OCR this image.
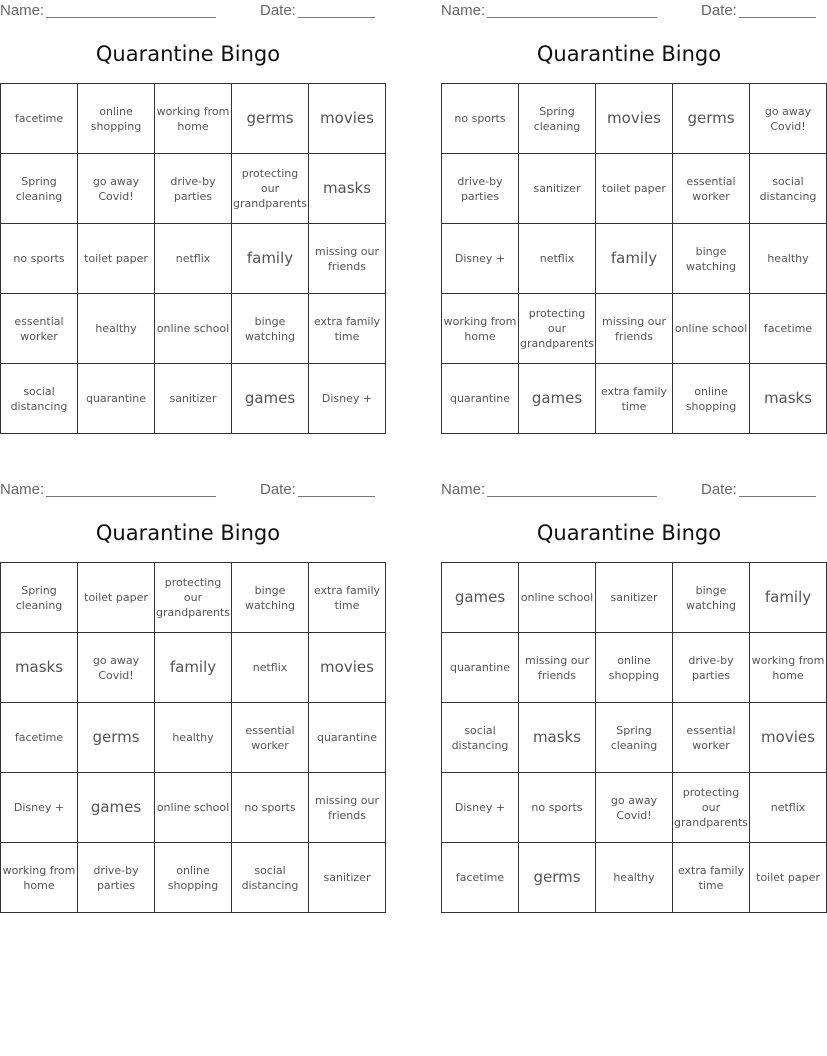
Name:	Date:
Quarantine Bingo
facetime	online shopping	working from home	germs	movies
Spring cleaning	go away Covid!	drive-by parties	protecting our grandparents	masks
no sports	toilet paper	netflix	family	missing our friends
essential worker	healthy	online school	binge watching	extra family time
social distancing	quarantine	sanitizer	games	Disney +
Name:	Date:
Quarantine Bingo
no sports	Spring cleaning	movies	germs	go away Covid!
drive-by parties	sanitizer	toilet paper	essential worker	social distancing
Disney +	netflix	family	binge watching	healthy
working from home	protecting our grandparents	missing our friends	online school	facetime
quarantine	games	extra family time	online shopping	masks
Name:	Date:
Quarantine Bingo
Spring cleaning	toilet paper	protecting our grandparents	binge watching	extra family time
masks	go away Covid!	family	netflix	movies
facetime	germs	healthy	essential worker	quarantine
Disney +	games	online school	no sports	missing our friends
working from home	drive-by parties	online shopping	social distancing	sanitizer
Name:	Date:
Quarantine Bingo
games	online school	sanitizer	binge watching	family
quarantine	missing our friends	online shopping	drive-by parties	working from home
social distancing	masks	Spring cleaning	essential worker	movies
Disney +	no sports	go away Covid!	protecting our grandparents	netflix
facetime	germs	healthy	extra family time	toilet paper
